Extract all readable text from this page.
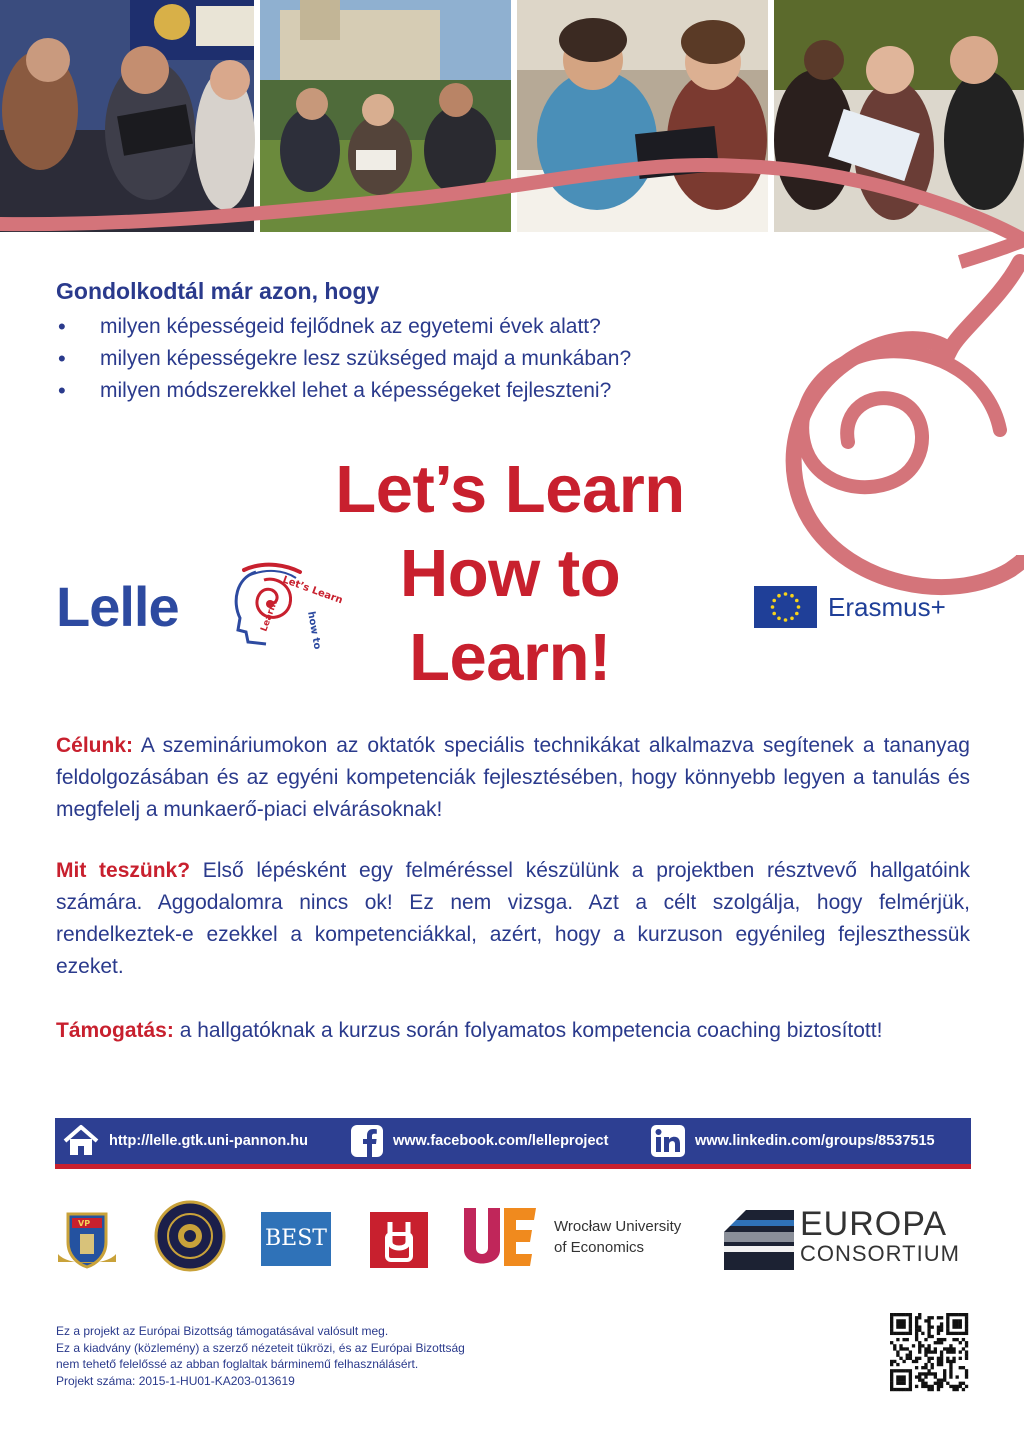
Gondolkodtál már azon, hogy
• milyen képességeid fejlődnek az egyetemi évek alatt?
• milyen képességekre lesz szükséged majd a munkában?
• milyen módszerekkel lehet a képességeket fejleszteni?
Let’s Learn
How to
Learn!
Lelle	Let’s Learn
how to
Learn!	Erasmus+
Célunk: A szemináriumokon az oktatók speciális technikákat alkalmazva segítenek a tananyag feldolgozásában és az egyéni kompetenciák fejlesztésében, hogy könnyebb legyen a tanulás és megfelelj a munkaerő-piaci elvárásoknak!
Mit teszünk? Első lépésként egy felméréssel készülünk a projektben résztvevő hallgatóink számára. Aggodalomra nincs ok! Ez nem vizsga. Azt a célt szolgálja, hogy felmérjük, rendelkeztek-e ezekkel a kompetenciákkal, azért, hogy a kurzuson egyénileg fejleszthessük ezeket.
Támogatás: a hallgatóknak a kurzus során folyamatos kompetencia coaching biztosított!
http://lelle.gtk.uni-pannon.hu	www.facebook.com/lelleproject	www.linkedin.com/groups/8537515
VP
BEST	Wrocław University
of Economics
EUROPA
CONSORTIUM
Ez a projekt az Európai Bizottság támogatásával valósult meg.
Ez a kiadvány (közlemény) a szerző nézeteit tükrözi, és az Európai Bizottság
nem tehető felelőssé az abban foglaltak bárminemű felhasználásért.
Projekt száma: 2015-1-HU01-KA203-013619
